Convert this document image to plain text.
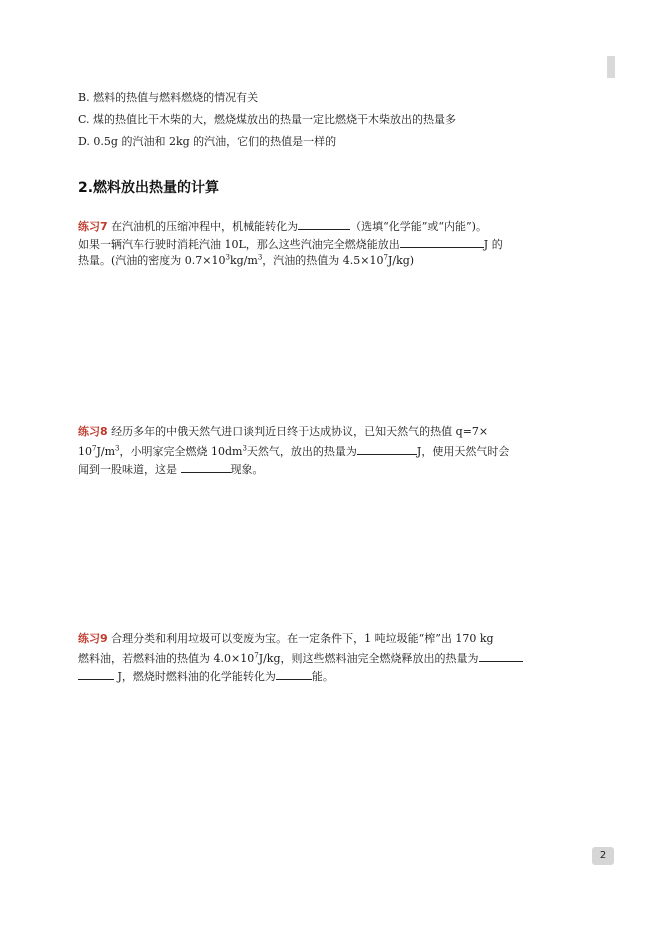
B. 燃料的热值与燃料燃烧的情况有关
C. 煤的热值比干木柴的大，燃烧煤放出的热量一定比燃烧干木柴放出的热量多
D. 0.5g 的汽油和 2kg 的汽油，它们的热值是一样的
2.燃料放出热量的计算
练习7 在汽油机的压缩冲程中，机械能转化为	（选填“化学能”或“内能”)。
如果一辆汽车行驶时消耗汽油 10L，那么这些汽油完全燃烧能放出	J 的
热量。(汽油的密度为 $0.7\times 10^3kg/m^3$，汽油的热值为 $4.5\times 10^7J/kg$)
练习8 经历多年的中俄天然气进口谈判近日终于达成协议，已知天然气的热值 q=7×
$10^7J/m^3$，小明家完全燃烧 $10dm^3$天然气，放出的热量为	J，使用天然气时会
闻到一股味道，这是	现象。
练习9 合理分类和利用垃圾可以变废为宝。在一定条件下，1 吨垃圾能“榨”出 170 kg
燃料油，若燃料油的热值为 $4.0\times 10^7J/kg$，则这些燃料油完全燃烧释放出的热量为
J，燃烧时燃料油的化学能转化为	能。
2
